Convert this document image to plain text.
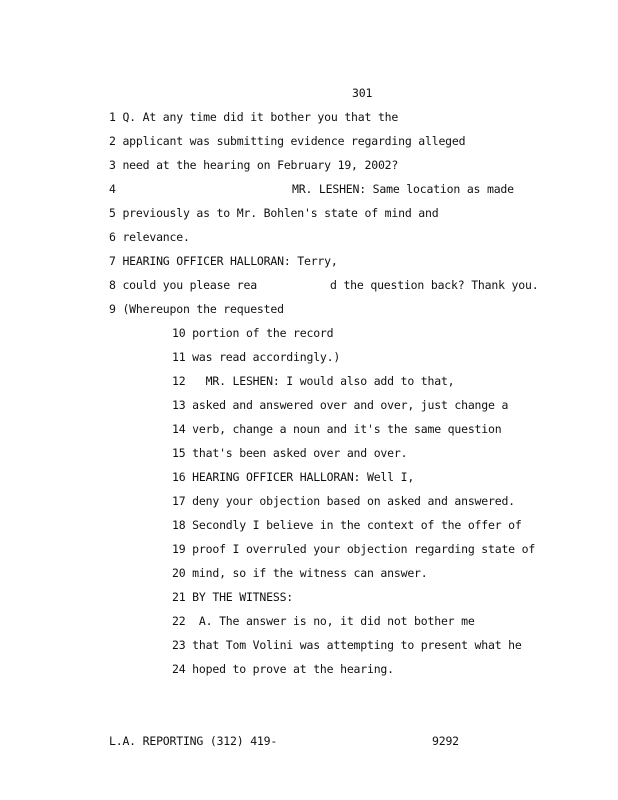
301
1 Q. At any time did it bother you that the
2 applicant was submitting evidence regarding alleged
3 need at the hearing on February 19, 2002?
4	MR. LESHEN: Same location as made
5 previously as to Mr. Bohlen's state of mind and
6 relevance.
7 HEARING OFFICER HALLORAN: Terry,
8 could you please rea	d the question back? Thank you.
9 (Whereupon the requested
10 portion of the record
11 was read accordingly.)
12   MR. LESHEN: I would also add to that,
13 asked and answered over and over, just change a
14 verb, change a noun and it's the same question
15 that's been asked over and over.
16 HEARING OFFICER HALLORAN: Well I,
17 deny your objection based on asked and answered.
18 Secondly I believe in the context of the offer of
19 proof I overruled your objection regarding state of
20 mind, so if the witness can answer.
21 BY THE WITNESS:
22  A. The answer is no, it did not bother me
23 that Tom Volini was attempting to present what he
24 hoped to prove at the hearing.
L.A. REPORTING (312) 419-	9292
